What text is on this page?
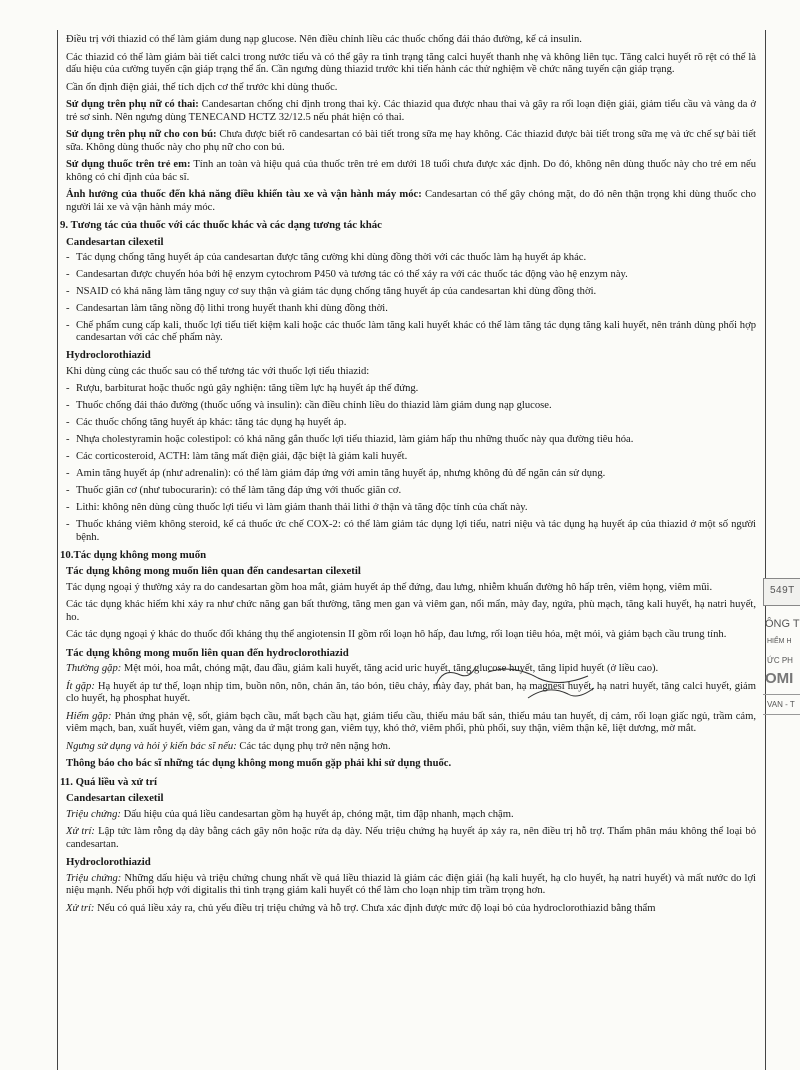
Điều trị với thiazid có thể làm giảm dung nạp glucose. Nên điều chỉnh liều các thuốc chống đái tháo đường, kể cả insulin.

Các thiazid có thể làm giảm bài tiết calci trong nước tiểu và có thể gây ra tình trạng tăng calci huyết thanh nhẹ và không liên tục. Tăng calci huyết rõ rệt có thể là dấu hiệu của cường tuyến cận giáp trạng thể ẩn. Cần ngưng dùng thiazid trước khi tiến hành các thử nghiệm về chức năng tuyến cận giáp trạng.

Cần ổn định điện giải, thể tích dịch cơ thể trước khi dùng thuốc.

Sử dụng trên phụ nữ có thai: Candesartan chống chỉ định trong thai kỳ. Các thiazid qua được nhau thai và gây ra rối loạn điện giải, giảm tiểu cầu và vàng da ở trẻ sơ sinh. Nên ngưng dùng TENECAND HCTZ 32/12.5 nếu phát hiện có thai.

Sử dụng trên phụ nữ cho con bú: Chưa được biết rõ candesartan có bài tiết trong sữa mẹ hay không. Các thiazid được bài tiết trong sữa mẹ và ức chế sự bài tiết sữa. Không dùng thuốc này cho phụ nữ cho con bú.

Sử dụng thuốc trên trẻ em: Tính an toàn và hiệu quả của thuốc trên trẻ em dưới 18 tuổi chưa được xác định. Do đó, không nên dùng thuốc này cho trẻ em nếu không có chỉ định của bác sĩ.

Ảnh hưởng của thuốc đến khả năng điều khiển tàu xe và vận hành máy móc: Candesartan có thể gây chóng mặt, do đó nên thận trọng khi dùng thuốc cho người lái xe và vận hành máy móc.

9. Tương tác của thuốc với các thuốc khác và các dạng tương tác khác
Candesartan cilexetil
- Tác dụng chống tăng huyết áp của candesartan được tăng cường khi dùng đồng thời với các thuốc làm hạ huyết áp khác.
- Candesartan được chuyển hóa bởi hệ enzym cytochrom P450 và tương tác có thể xảy ra với các thuốc tác động vào hệ enzym này.
- NSAID có khả năng làm tăng nguy cơ suy thận và giảm tác dụng chống tăng huyết áp của candesartan khi dùng đồng thời.
- Candesartan làm tăng nồng độ lithi trong huyết thanh khi dùng đồng thời.
- Chế phẩm cung cấp kali, thuốc lợi tiểu tiết kiệm kali hoặc các thuốc làm tăng kali huyết khác có thể làm tăng tác dụng tăng kali huyết, nên tránh dùng phối hợp candesartan với các chế phẩm này.
Hydroclorothiazid

Khi dùng cùng các thuốc sau có thể tương tác với thuốc lợi tiểu thiazid:

- Rượu, barbiturat hoặc thuốc ngủ gây nghiện: tăng tiềm lực hạ huyết áp thế đứng.
- Thuốc chống đái tháo đường (thuốc uống và insulin): cần điều chỉnh liều do thiazid làm giảm dung nạp glucose.
- Các thuốc chống tăng huyết áp khác: tăng tác dụng hạ huyết áp.
- Nhựa cholestyramin hoặc colestipol: có khả năng gắn thuốc lợi tiểu thiazid, làm giảm hấp thu những thuốc này qua đường tiêu hóa.
- Các corticosteroid, ACTH: làm tăng mất điện giải, đặc biệt là giảm kali huyết.
- Amin tăng huyết áp (như adrenalin): có thể làm giảm đáp ứng với amin tăng huyết áp, nhưng không đủ để ngăn cản sử dụng.
- Thuốc giãn cơ (như tubocurarin): có thể làm tăng đáp ứng với thuốc giãn cơ.
- Lithi: không nên dùng cùng thuốc lợi tiểu vì làm giảm thanh thải lithi ở thận và tăng độc tính của chất này.
- Thuốc kháng viêm không steroid, kể cả thuốc ức chế COX-2: có thể làm giảm tác dụng lợi tiểu, natri niệu và tác dụng hạ huyết áp của thiazid ở một số người bệnh.
10.Tác dụng không mong muốn
Tác dụng không mong muốn liên quan đến candesartan cilexetil

Tác dụng ngoại ý thường xảy ra do candesartan gồm hoa mắt, giảm huyết áp thế đứng, đau lưng, nhiễm khuẩn đường hô hấp trên, viêm họng, viêm mũi.

Các tác dụng khác hiếm khi xảy ra như chức năng gan bất thường, tăng men gan và viêm gan, nổi mẩn, mày đay, ngứa, phù mạch, tăng kali huyết, hạ natri huyết, ho.

Các tác dụng ngoại ý khác do thuốc đối kháng thụ thể angiotensin II gồm rối loạn hô hấp, đau lưng, rối loạn tiêu hóa, mệt mỏi, và giảm bạch cầu trung tính.

Tác dụng không mong muốn liên quan đến hydroclorothiazid

Thường gặp: Mệt mỏi, hoa mắt, chóng mặt, đau đầu, giảm kali huyết, tăng acid uric huyết, tăng glucose huyết, tăng lipid huyết (ở liều cao).

Ít gặp: Hạ huyết áp tư thế, loạn nhịp tim, buồn nôn, nôn, chán ăn, táo bón, tiêu chảy, mày đay, phát ban, hạ magnesi huyết, hạ natri huyết, tăng calci huyết, giảm clo huyết, hạ phosphat huyết.

Hiếm gặp: Phản ứng phản vệ, sốt, giảm bạch cầu, mất bạch cầu hạt, giảm tiểu cầu, thiếu máu bất sản, thiếu máu tan huyết, dị cảm, rối loạn giấc ngủ, trầm cảm, viêm mạch, ban, xuất huyết, viêm gan, vàng da ứ mật trong gan, viêm tụy, khó thở, viêm phổi, phù phổi, suy thận, viêm thận kẽ, liệt dương, mờ mắt.

Ngưng sử dụng và hỏi ý kiến bác sĩ nếu: Các tác dụng phụ trở nên nặng hơn.

Thông báo cho bác sĩ những tác dụng không mong muốn gặp phải khi sử dụng thuốc.
11. Quá liều và xử trí
Candesartan cilexetil

Triệu chứng: Dấu hiệu của quá liều candesartan gồm hạ huyết áp, chóng mặt, tim đập nhanh, mạch chậm.

Xử trí: Lập tức làm rỗng dạ dày bằng cách gây nôn hoặc rửa dạ dày. Nếu triệu chứng hạ huyết áp xảy ra, nên điều trị hỗ trợ. Thẩm phân máu không thể loại bỏ candesartan.

Hydroclorothiazid

Triệu chứng: Những dấu hiệu và triệu chứng chung nhất về quá liều thiazid là giảm các điện giải (hạ kali huyết, hạ clo huyết, hạ natri huyết) và mất nước do lợi niệu mạnh. Nếu phối hợp với digitalis thì tình trạng giảm kali huyết có thể làm cho loạn nhịp tim trầm trọng hơn.

Xử trí: Nếu có quá liều xảy ra, chủ yếu điều trị triệu chứng và hỗ trợ. Chưa xác định được mức độ loại bỏ của hydroclorothiazid bằng thẩm

549T
ÔNG T
HIỂM H
ỨC PH
OMI
VAN - T
